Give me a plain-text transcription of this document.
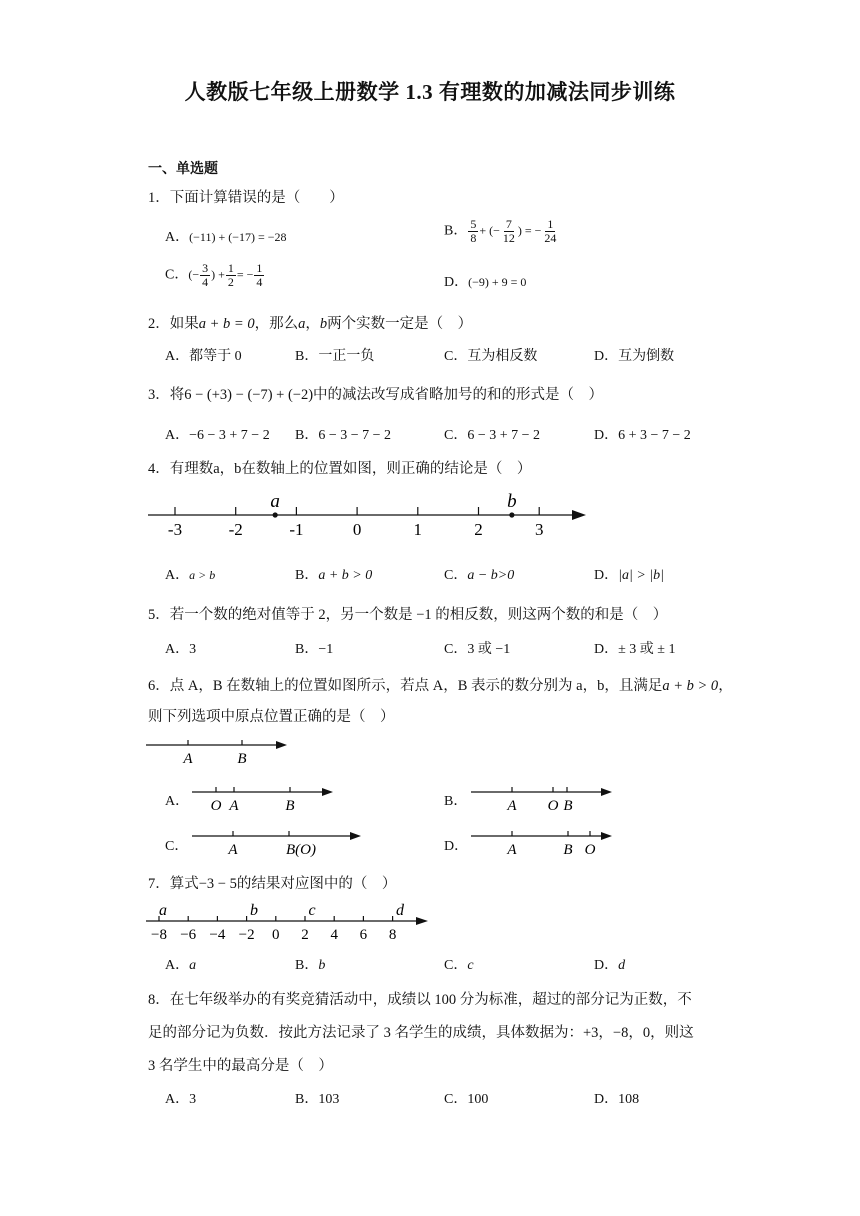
人教版七年级上册数学 1.3 有理数的加减法同步训练
一、单选题
1．下面计算错误的是（　　）
A．(−11) + (−17) = −28	B． $\frac{5}{8}$ + (− $\frac{7}{12}$ ) = − $\frac{1}{24}$
C．(− $\frac{3}{4}$ ) + $\frac{1}{2}$ = − $\frac{1}{4}$	D．(−9) + 9 = 0
2．如果a + b = 0，那么a，b两个实数一定是（　）
A．都等于 0	B．一正一负	C．互为相反数	D．互为倒数
3．将6 − (+3) − (−7) + (−2)中的减法改写成省略加号的和的形式是（　）
A．−6 − 3 + 7 − 2 B．6 − 3 − 7 − 2	C．6 − 3 + 7 − 2	D．6 + 3 − 7 − 2
4．有理数a，b在数轴上的位置如图，则正确的结论是（　）
-3	-2	-1	0	1	2	3
a	b
A．a > b	B．a + b > 0	C．a − b>0	D．|a| > |b|
5．若一个数的绝对值等于 2，另一个数是 −1 的相反数，则这两个数的和是（　）
A．3	B．−1	C．3 或 −1	D．± 3 或 ± 1
6．点 A，B 在数轴上的位置如图所示，若点 A，B 表示的数分别为 a，b，且满足a + b > 0，
则下列选项中原点位置正确的是（　）
A	B
A． O A	B	B．	A O B
C．	A	B(O)	D．	A	B O
7．算式−3 − 5的结果对应图中的（　）
−8 −6 −4 −2 0 2 4 6 8
a	b	c	d
A．a	B．b	C．c	D．d
8．在七年级举办的有奖竞猜活动中，成绩以 100 分为标准，超过的部分记为正数，不
足的部分记为负数．按此方法记录了 3 名学生的成绩，具体数据为：+3，−8，0，则这
3 名学生中的最高分是（　）
A．3	B．103	C．100	D．108
